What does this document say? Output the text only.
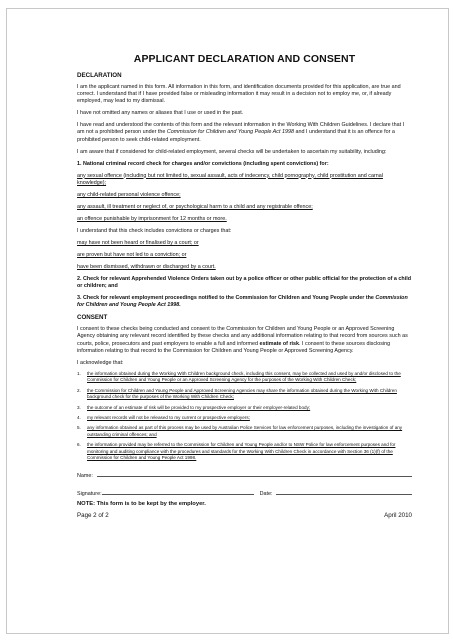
APPLICANT DECLARATION AND CONSENT
DECLARATION

I am the applicant named in this form. All information in this form, and identification documents provided for this application, are true and correct. I understand that if I have provided false or misleading information it may result in a decision not to employ me, or, if already employed, may lead to my dismissal.

I have not omitted any names or aliases that I use or used in the past.

I have read and understood the contents of this form and the relevant information in the Working With Children Guidelines. I declare that I am not a prohibited person under the Commission for Children and Young People Act 1998 and I understand that it is an offence for a prohibited person to seek child-related employment.

I am aware that if considered for child-related employment, several checks will be undertaken to ascertain my suitability, including:

1. National criminal record check for charges and/or convictions (including spent convictions) for:

any sexual offence (including but not limited to, sexual assault, acts of indecency, child pornography, child prostitution and carnal knowledge);

any child-related personal violence offence;

any assault, ill treatment or neglect of, or psychological harm to a child and any registrable offence;

an offence punishable by imprisonment for 12 months or more.

I understand that this check includes convictions or charges that:

may have not been heard or finalised by a court; or

are proven but have not led to a conviction; or

have been dismissed, withdrawn or discharged by a court.

2. Check for relevant Apprehended Violence Orders taken out by a police officer or other public official for the protection of a child or children; and

3. Check for relevant employment proceedings notified to the Commission for Children and Young People under the Commission for Children and Young People Act 1998.

CONSENT

I consent to these checks being conducted and consent to the Commission for Children and Young People or an Approved Screening Agency obtaining any relevant record identified by these checks and any additional information relating to that record from sources such as courts, police, prosecutors and past employers to enable a full and informed estimate of risk. I consent to these sources disclosing information relating to that record to the Commission for Children and Young People or Approved Screening Agency.

I acknowledge that:

1.	the information obtained during the Working With Children background check, including this consent, may be collected and used by and/or disclosed to the Commission for Children and Young People or an Approved Screening Agency for the purposes of the Working With Children Check;
2.	the Commission for Children and Young People and Approved Screening Agencies may share the information obtained during the Working With Children background check for the purposes of the Working With Children Check;
3.	the outcome of an estimate of risk will be provided to my prospective employer or their employer-related body;
4.	my relevant records will not be released to my current or prospective employers;
5.	any information obtained as part of this process may be used by Australian Police Services for law enforcement purposes, including the investigation of any outstanding criminal offences; and
6.	the information provided may be referred to the Commission for Children and Young People and/or to NSW Police for law enforcement purposes and for monitoring and auditing compliance with the procedures and standards for the Working With Children Check in accordance with Section 36 (1)(f) of the Commission for Children and Young People Act 1998.
Name:
Signature:	Date:

NOTE: This form is to be kept by the employer.

Page 2 of 2	April 2010
